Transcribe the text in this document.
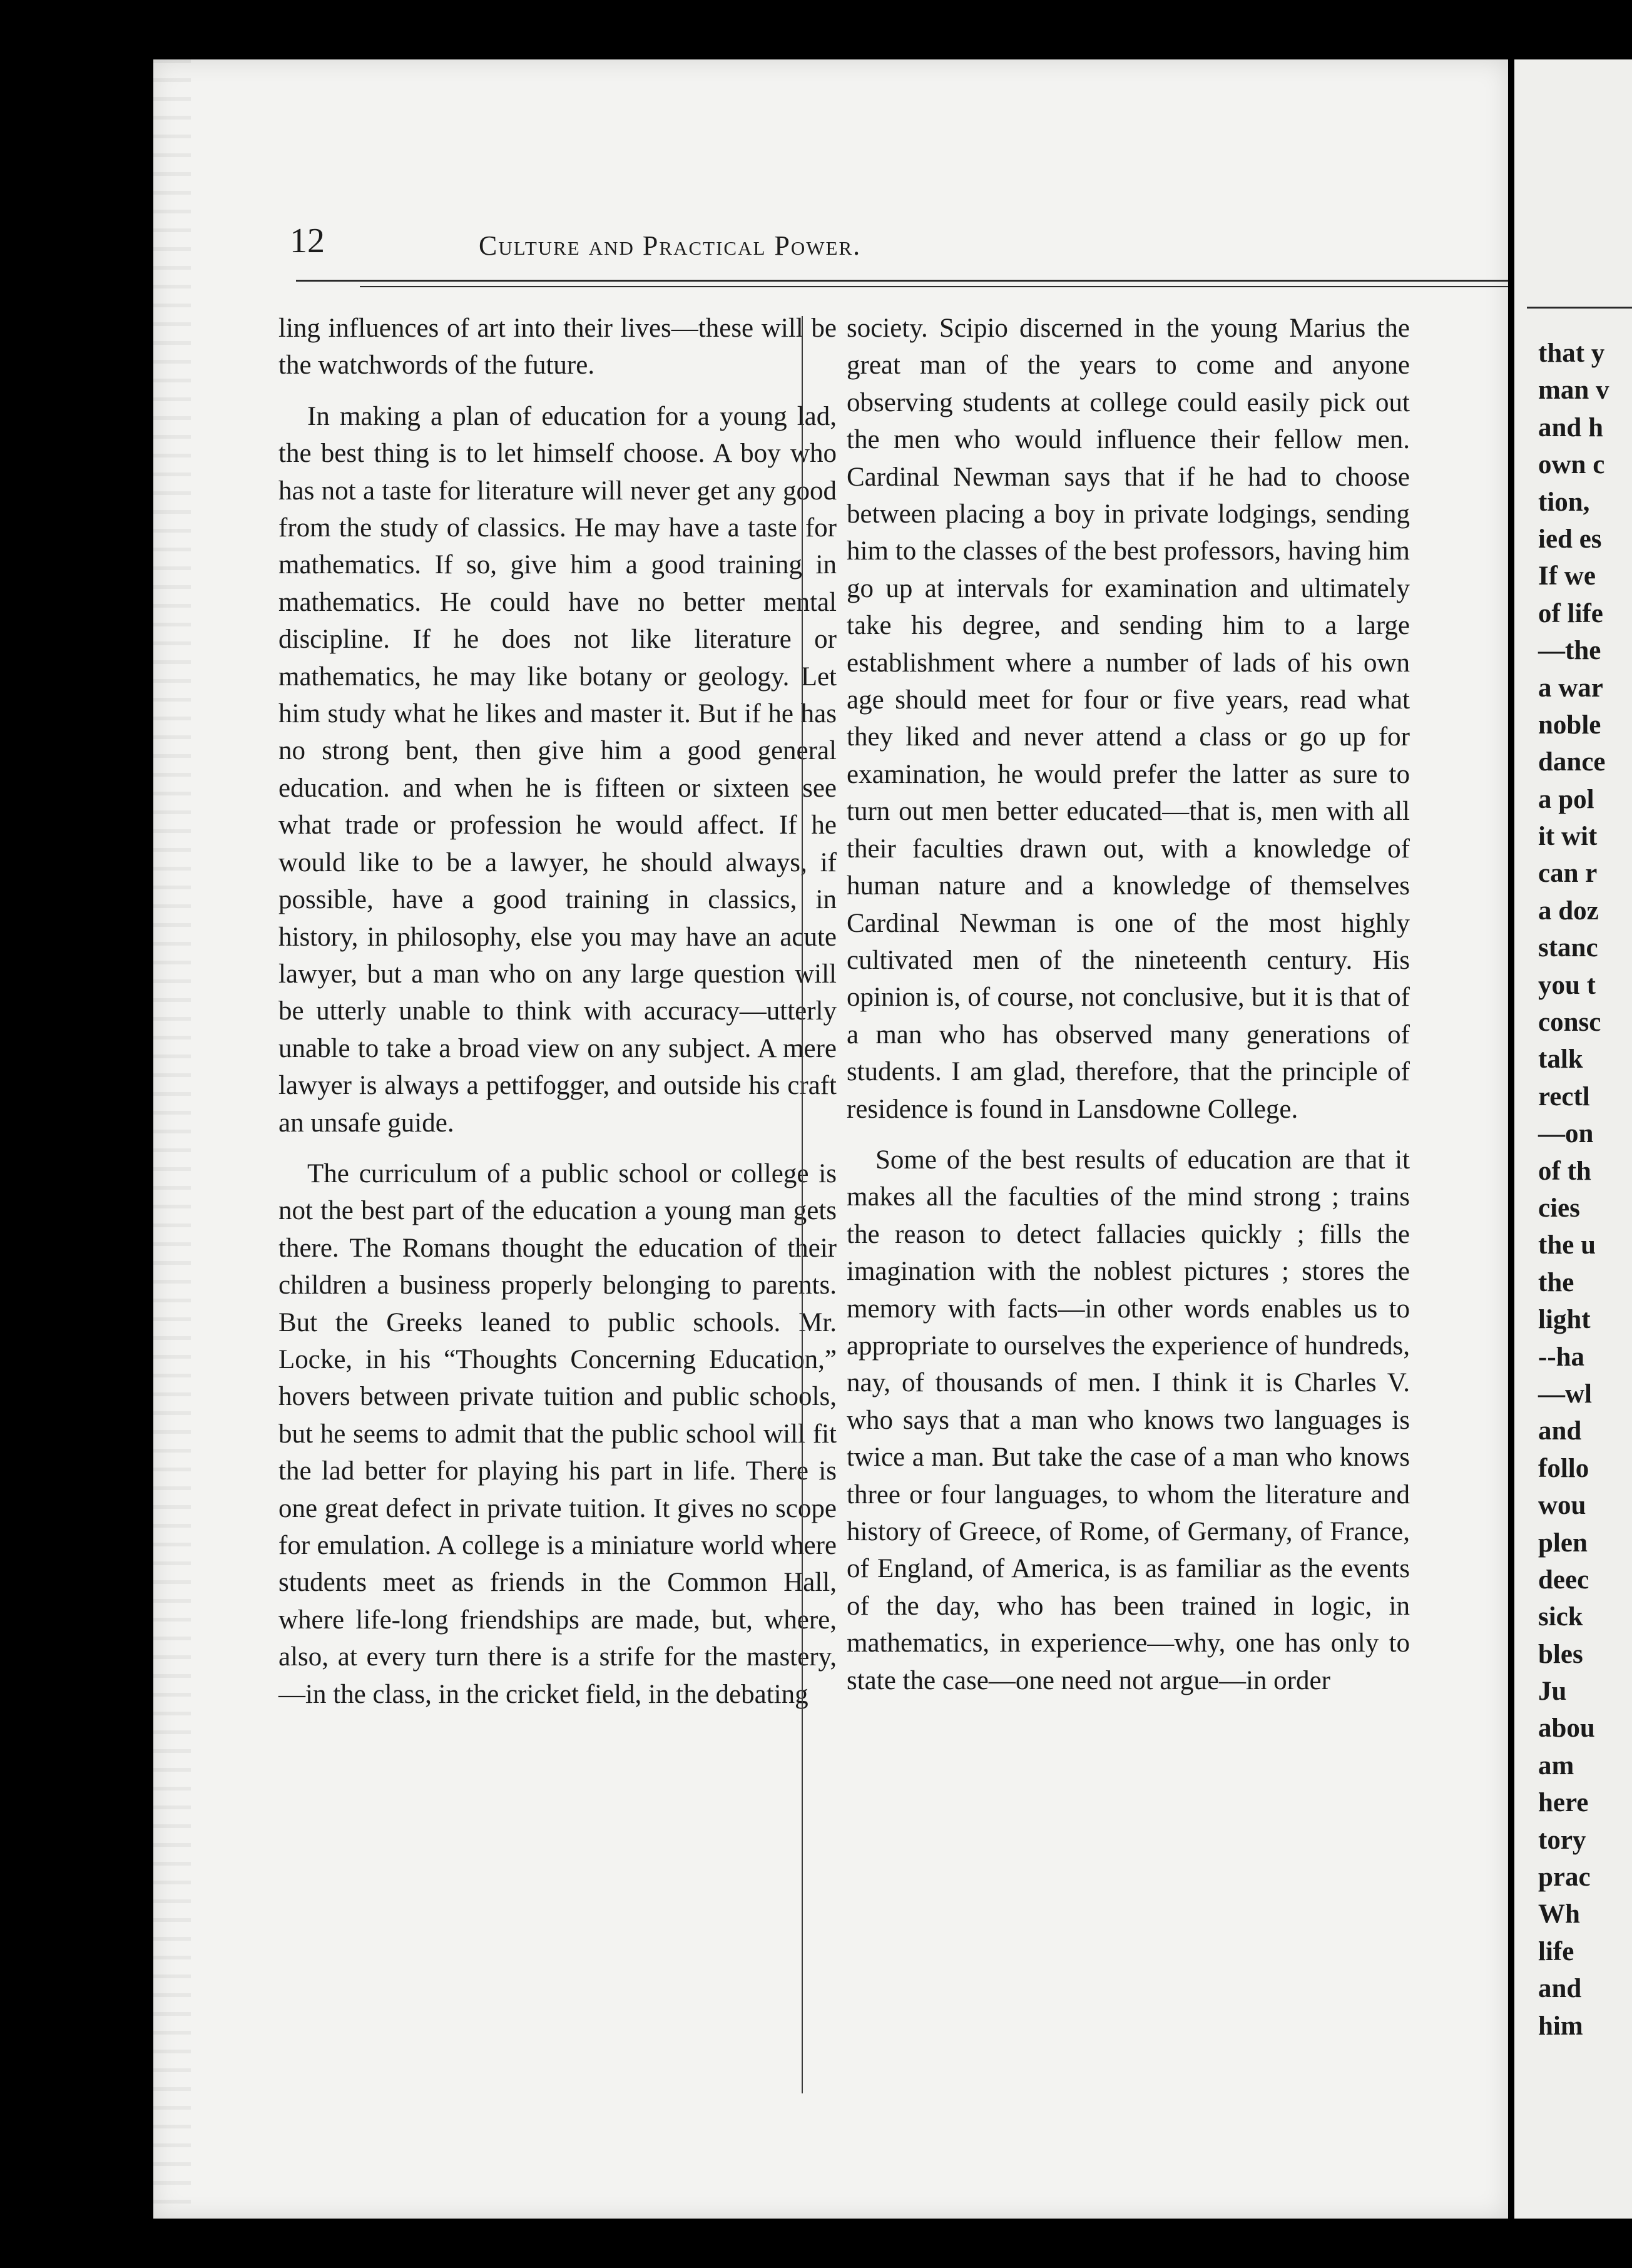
12	Culture and Practical Power.

ling influences of art into their lives—these will be the watchwords of the future.

In making a plan of education for a young lad, the best thing is to let himself choose. A boy who has not a taste for literature will never get any good from the study of classics. He may have a taste for mathematics. If so, give him a good training in mathematics. He could have no better mental discipline. If he does not like literature or mathematics, he may like botany or geology. Let him study what he likes and master it. But if he has no strong bent, then give him a good general education. and when he is fifteen or sixteen see what trade or profession he would affect. If he would like to be a lawyer, he should always, if possible, have a good training in classics, in history, in philosophy, else you may have an acute lawyer, but a man who on any large question will be utterly unable to think with accuracy—utterly unable to take a broad view on any subject. A mere lawyer is always a pettifogger, and outside his craft an unsafe guide.

The curriculum of a public school or college is not the best part of the education a young man gets there. The Romans thought the education of their children a business properly belonging to parents. But the Greeks leaned to public schools. Mr. Locke, in his “Thoughts Concerning Education,” hovers between private tuition and public schools, but he seems to admit that the public school will fit the lad better for playing his part in life. There is one great defect in private tuition. It gives no scope for emulation. A college is a miniature world where students meet as friends in the Common Hall, where life-long friendships are made, but, where, also, at every turn there is a strife for the mastery,—in the class, in the cricket field, in the debating

society. Scipio discerned in the young Marius the great man of the years to come and anyone observing students at college could easily pick out the men who would influence their fellow men. Cardinal Newman says that if he had to choose between placing a boy in private lodgings, sending him to the classes of the best professors, having him go up at intervals for examination and ultimately take his degree, and sending him to a large establishment where a number of lads of his own age should meet for four or five years, read what they liked and never attend a class or go up for examination, he would prefer the latter as sure to turn out men better educated—that is, men with all their faculties drawn out, with a knowledge of human nature and a knowledge of themselves Cardinal Newman is one of the most highly cultivated men of the nineteenth century. His opinion is, of course, not conclusive, but it is that of a man who has observed many generations of students. I am glad, therefore, that the principle of residence is found in Lansdowne College.

Some of the best results of education are that it makes all the faculties of the mind strong ; trains the reason to detect fallacies quickly ; fills the imagination with the noblest pictures ; stores the memory with facts—in other words enables us to appropriate to ourselves the experience of hundreds, nay, of thousands of men. I think it is Charles V. who says that a man who knows two languages is twice a man. But take the case of a man who knows three or four languages, to whom the literature and history of Greece, of Rome, of Germany, of France, of England, of America, is as familiar as the events of the day, who has been trained in logic, in mathematics, in experience—why, one has only to state the case—one need not argue—in order

that y
man v
and h
own c
tion,
ied es
If we
of life
—the
a war
noble
dance
a pol
it wit
can r
a doz
stanc
you t
consc
talk
rectl
—on
of th
cies
the u
the
light
--ha
—wl
and
follo
wou
plen
deec
sick
bles
Ju
abou
am
here
tory
prac
Wh
life
and
him
